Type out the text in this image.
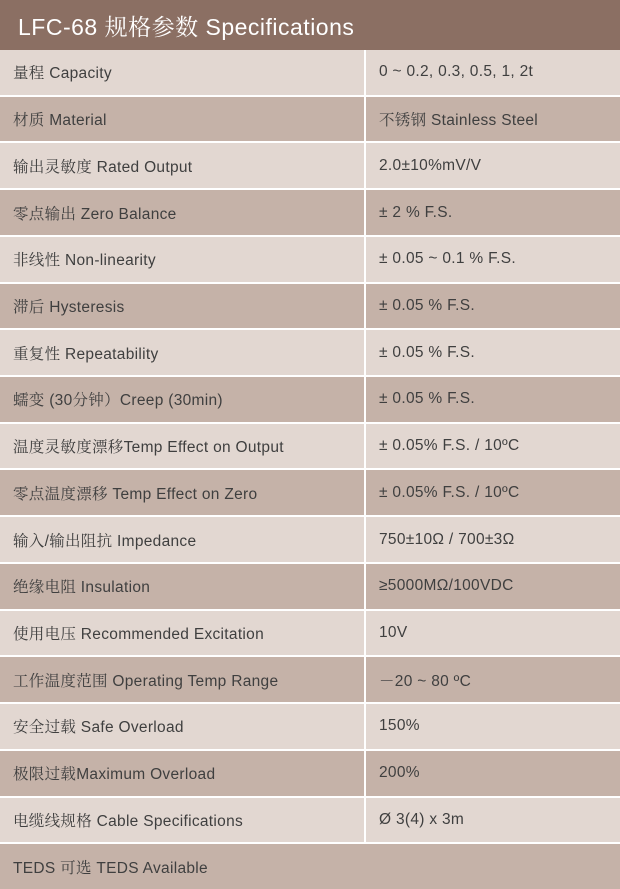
LFC-68 规格参数 Specifications
量程 Capacity	0 ~ 0.2, 0.3, 0.5, 1, 2t
材质 Material	不锈钢 Stainless Steel
输出灵敏度 Rated Output	2.0±10%mV/V
零点输出 Zero Balance	± 2 % F.S.
非线性 Non-linearity	± 0.05 ~ 0.1 % F.S.
滞后 Hysteresis	± 0.05 % F.S.
重复性 Repeatability	± 0.05 % F.S.
蠕变 (30分钟）Creep (30min)	± 0.05 % F.S.
温度灵敏度漂移Temp Effect on Output	± 0.05% F.S. / 10ºC
零点温度漂移 Temp Effect on Zero	± 0.05% F.S. / 10ºC
输入/输出阻抗 Impedance	750±10Ω / 700±3Ω
绝缘电阻 Insulation	≥5000MΩ/100VDC
使用电压 Recommended Excitation	10V
工作温度范围 Operating Temp Range	－20 ~ 80 ºC
安全过载 Safe Overload	150%
极限过载Maximum Overload	200%
电缆线规格 Cable Specifications	Ø 3(4) x 3m
TEDS 可选 TEDS Available
